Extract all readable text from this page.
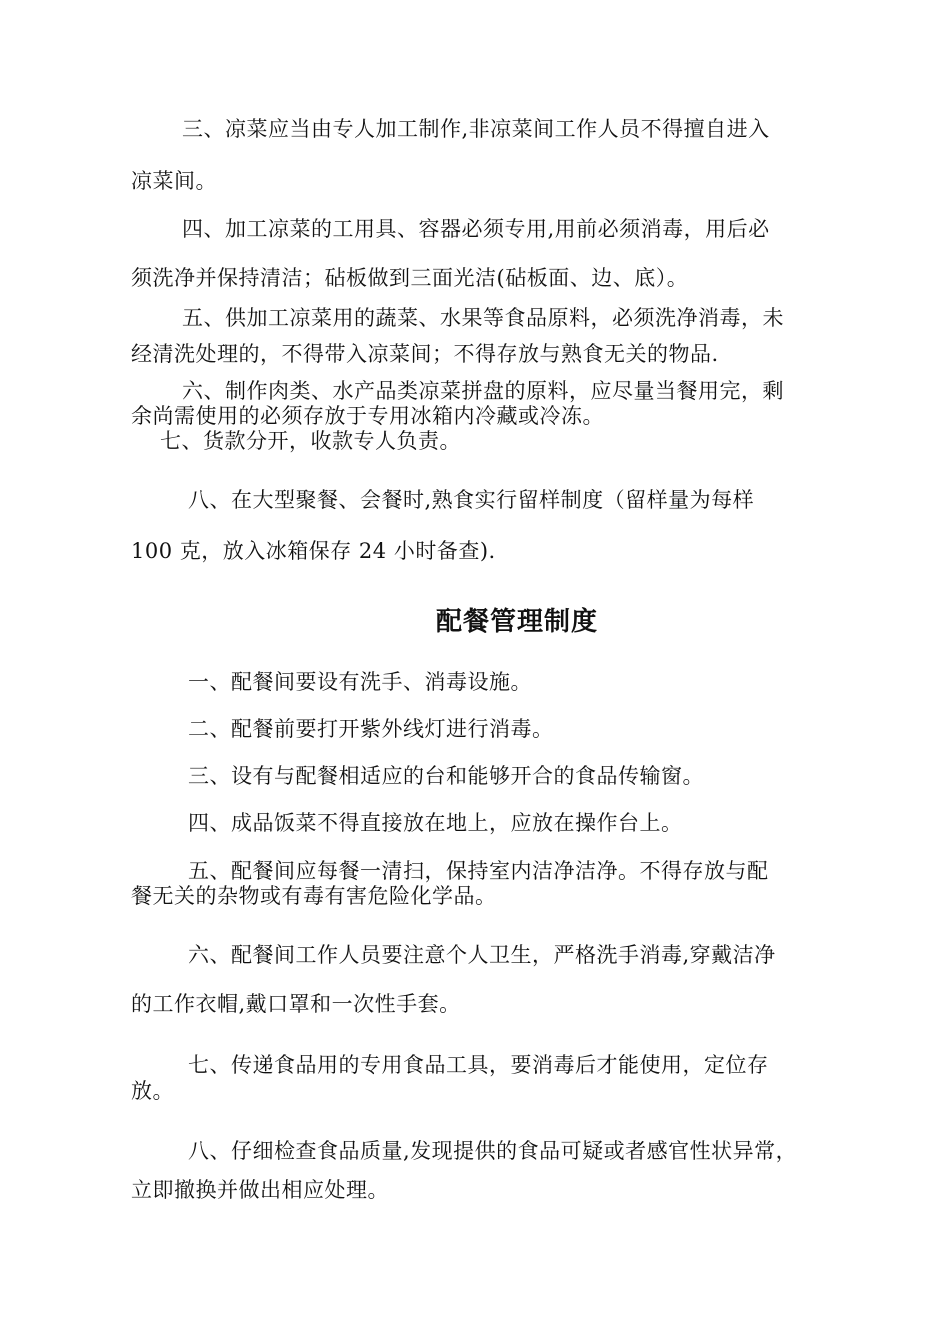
三、凉菜应当由专人加工制作,非凉菜间工作人员不得擅自进入
凉菜间。
四、加工凉菜的工用具、容器必须专用,用前必须消毒，用后必
须洗净并保持清洁；砧板做到三面光洁(砧板面、边、底）。
五、供加工凉菜用的蔬菜、水果等食品原料，必须洗净消毒，未
经清洗处理的，不得带入凉菜间；不得存放与熟食无关的物品.
六、制作肉类、水产品类凉菜拼盘的原料，应尽量当餐用完，剩
余尚需使用的必须存放于专用冰箱内冷藏或冷冻。
七、货款分开，收款专人负责。
八、在大型聚餐、会餐时,熟食实行留样制度（留样量为每样
100 克，放入冰箱保存 24 小时备查).
配餐管理制度
一、配餐间要设有洗手、消毒设施。
二、配餐前要打开紫外线灯进行消毒。
三、设有与配餐相适应的台和能够开合的食品传输窗。
四、成品饭菜不得直接放在地上，应放在操作台上。
五、配餐间应每餐一清扫，保持室内洁净洁净。不得存放与配
餐无关的杂物或有毒有害危险化学品。
六、配餐间工作人员要注意个人卫生，严格洗手消毒,穿戴洁净
的工作衣帽,戴口罩和一次性手套。
七、传递食品用的专用食品工具，要消毒后才能使用，定位存
放。
八、仔细检查食品质量,发现提供的食品可疑或者感官性状异常，
立即撤换并做出相应处理。
